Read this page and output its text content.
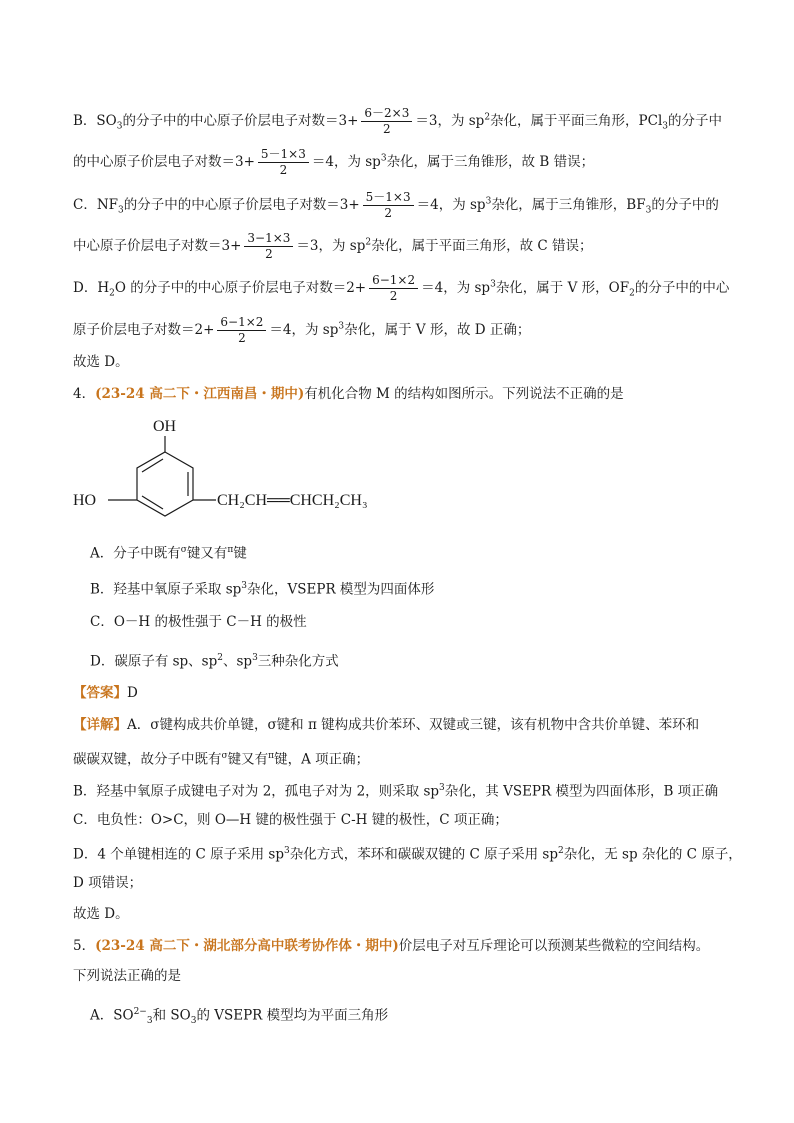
B．$SO_3$的分子中的中心原子价层电子对数$=3+ \frac{6-2\times 3}{2} =3$，为 $sp^2$杂化，属于平面三角形，PCl$_3$的分子中
的中心原子价层电子对数$=3+ \frac{5-1\times 3}{2} =4$，为 $sp^3$杂化，属于三角锥形，故 B 错误；
C．$NF_3$的分子中的中心原子价层电子对数$=3+ \frac{5-1\times 3}{2} =4$，为 $sp^3$杂化，属于三角锥形，$BF_3$的分子中的
中心原子价层电子对数$=3+ \frac{3-1\times 3}{2} =3$，为 $sp^2$杂化，属于平面三角形，故 C 错误；
D．$H_2O$ 的分子中的中心原子价层电子对数$=2+ \frac{6-1\times 2}{2} =4$，为 $sp^3$杂化，属于 V 形，$OF_2$的分子中的中心
原子价层电子对数$=2+ \frac{6-1\times 2}{2} =4$，为 $sp^3$杂化，属于 V 形，故 D 正确；
故选 D。
4．(23-24 高二下・江西南昌・期中)有机化合物 M 的结构如图所示。下列说法不正确的是
OH
HO	CH₂CH══CHCH₂CH₃
A．分子中既有$^\sigma$键又有$^\pi$键
B．羟基中氧原子采取 $sp^3$杂化，VSEPR 模型为四面体形
C．O－H 的极性强于 C－H 的极性
D．碳原子有 sp、$sp^2$、$sp^3$三种杂化方式
【答案】D
【详解】A．σ键构成共价单键，σ键和 π 键构成共价苯环、双键或三键，该有机物中含共价单键、苯环和
碳碳双键，故分子中既有$^\sigma$键又有$^\pi$键，A 项正确；
B．羟基中氧原子成键电子对为 2，孤电子对为 2，则采取 $sp^3$杂化，其 VSEPR 模型为四面体形，B 项正确
C．电负性：O>C，则 O—H 键的极性强于 C-H 键的极性，C 项正确；
D．4 个单键相连的 C 原子采用 $sp^3$杂化方式，苯环和碳碳双键的 C 原子采用 $sp^2$杂化，无 sp 杂化的 C 原子，
D 项错误；
故选 D。
5．(23-24 高二下・湖北部分高中联考协作体・期中)价层电子对互斥理论可以预测某些微粒的空间结构。
下列说法正确的是
A．$SO^{2-}_3$和 $SO_3$的 VSEPR 模型均为平面三角形
